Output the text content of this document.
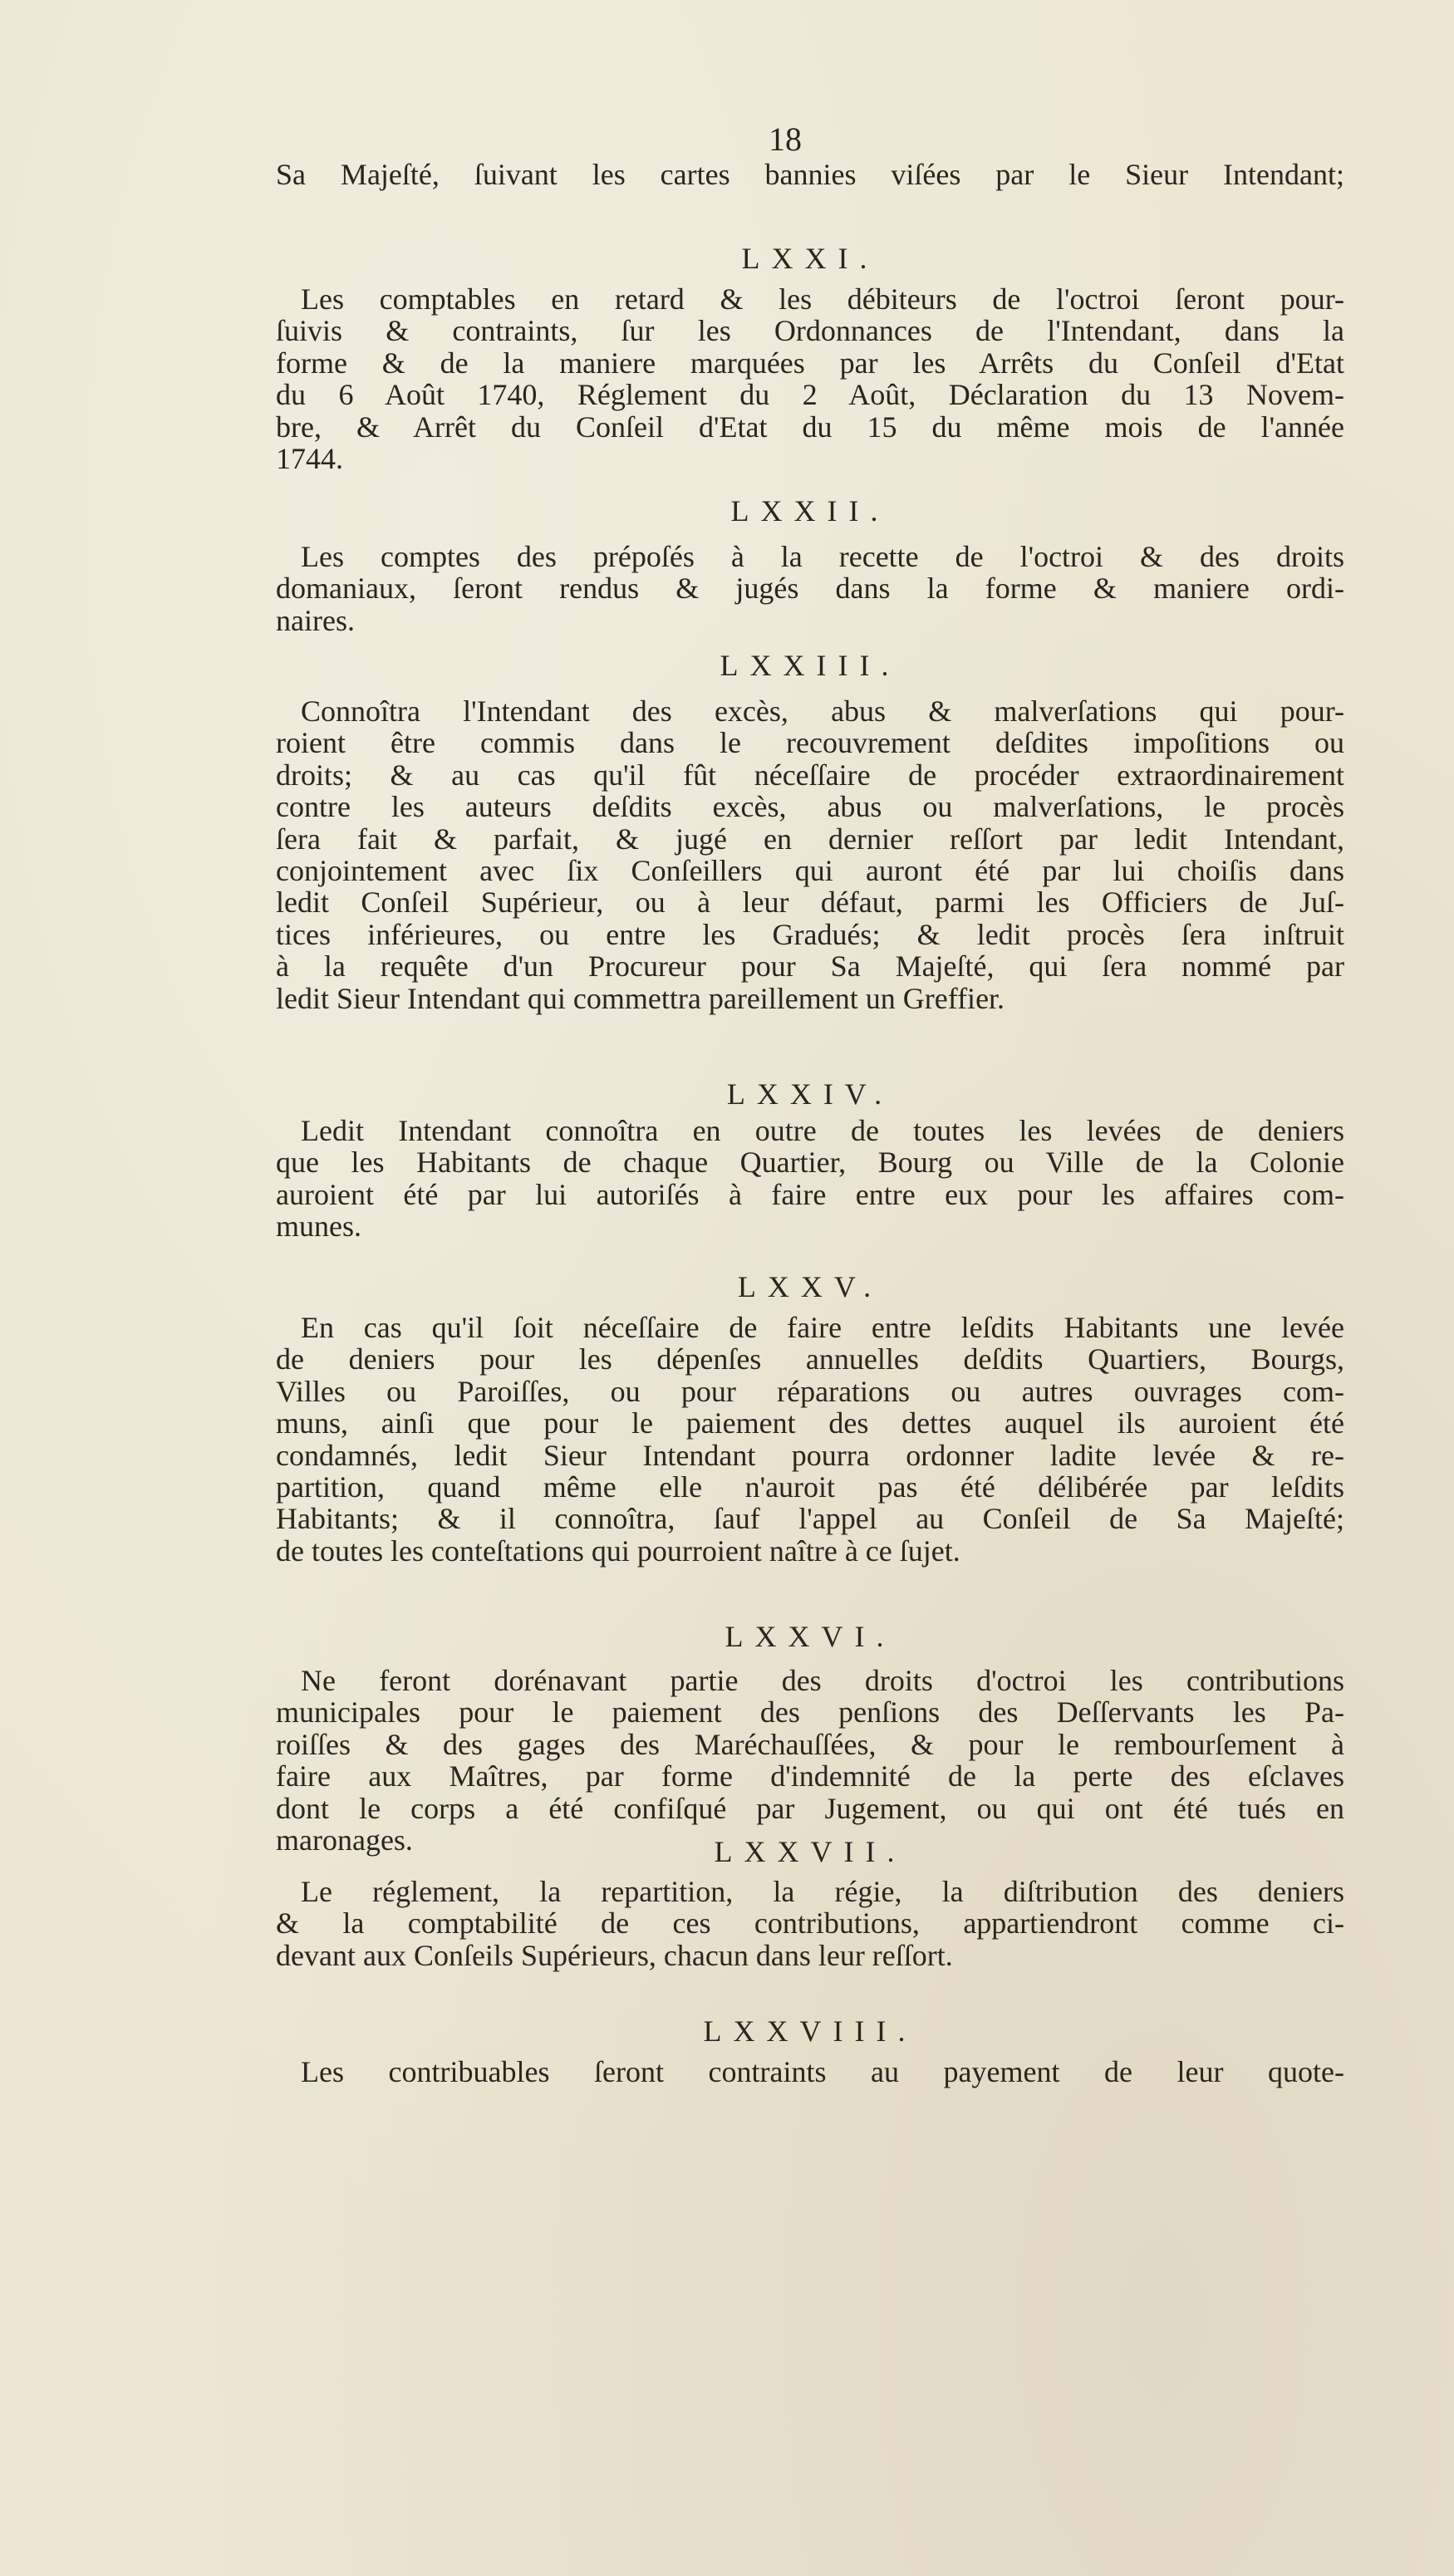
18
Sa Majeſté, ſuivant les cartes bannies viſées par le Sieur Intendant;
LXXI.
Les comptables en retard & les débiteurs de l'octroi ſeront pour-
ſuivis & contraints, ſur les Ordonnances de l'Intendant, dans la
forme & de la maniere marquées par les Arrêts du Conſeil d'Etat
du 6 Août 1740, Réglement du 2 Août, Déclaration du 13 Novem-
bre, & Arrêt du Conſeil d'Etat du 15 du même mois de l'année
1744.
LXXII.
Les comptes des prépoſés à la recette de l'octroi & des droits
domaniaux, ſeront rendus & jugés dans la forme & maniere ordi-
naires.
LXXIII.
Connoîtra l'Intendant des excès, abus & malverſations qui pour-
roient être commis dans le recouvrement deſdites impoſitions ou
droits; & au cas qu'il fût néceſſaire de procéder extraordinairement
contre les auteurs deſdits excès, abus ou malverſations, le procès
ſera fait & parfait, & jugé en dernier reſſort par ledit Intendant,
conjointement avec ſix Conſeillers qui auront été par lui choiſis dans
ledit Conſeil Supérieur, ou à leur défaut, parmi les Officiers de Juſ-
tices inférieures, ou entre les Gradués; & ledit procès ſera inſtruit
à la requête d'un Procureur pour Sa Majeſté, qui ſera nommé par
ledit Sieur Intendant qui commettra pareillement un Greffier.
LXXIV.
Ledit Intendant connoîtra en outre de toutes les levées de deniers
que les Habitants de chaque Quartier, Bourg ou Ville de la Colonie
auroient été par lui autoriſés à faire entre eux pour les affaires com-
munes.
LXXV.
En cas qu'il ſoit néceſſaire de faire entre leſdits Habitants une levée
de deniers pour les dépenſes annuelles deſdits Quartiers, Bourgs,
Villes ou Paroiſſes, ou pour réparations ou autres ouvrages com-
muns, ainſi que pour le paiement des dettes auquel ils auroient été
condamnés, ledit Sieur Intendant pourra ordonner ladite levée & re-
partition, quand même elle n'auroit pas été délibérée par leſdits
Habitants; & il connoîtra, ſauf l'appel au Conſeil de Sa Majeſté;
de toutes les conteſtations qui pourroient naître à ce ſujet.
LXXVI.
Ne feront dorénavant partie des droits d'octroi les contributions
municipales pour le paiement des penſions des Deſſervants les Pa-
roiſſes & des gages des Maréchauſſées, & pour le rembourſement à
faire aux Maîtres, par forme d'indemnité de la perte des eſclaves
dont le corps a été confiſqué par Jugement, ou qui ont été tués en
maronages.	LXXVII.
Le réglement, la repartition, la régie, la diſtribution des deniers
& la comptabilité de ces contributions, appartiendront comme ci-
devant aux Conſeils Supérieurs, chacun dans leur reſſort.
LXXVIII.
Les contribuables ſeront contraints au payement de leur quote-
